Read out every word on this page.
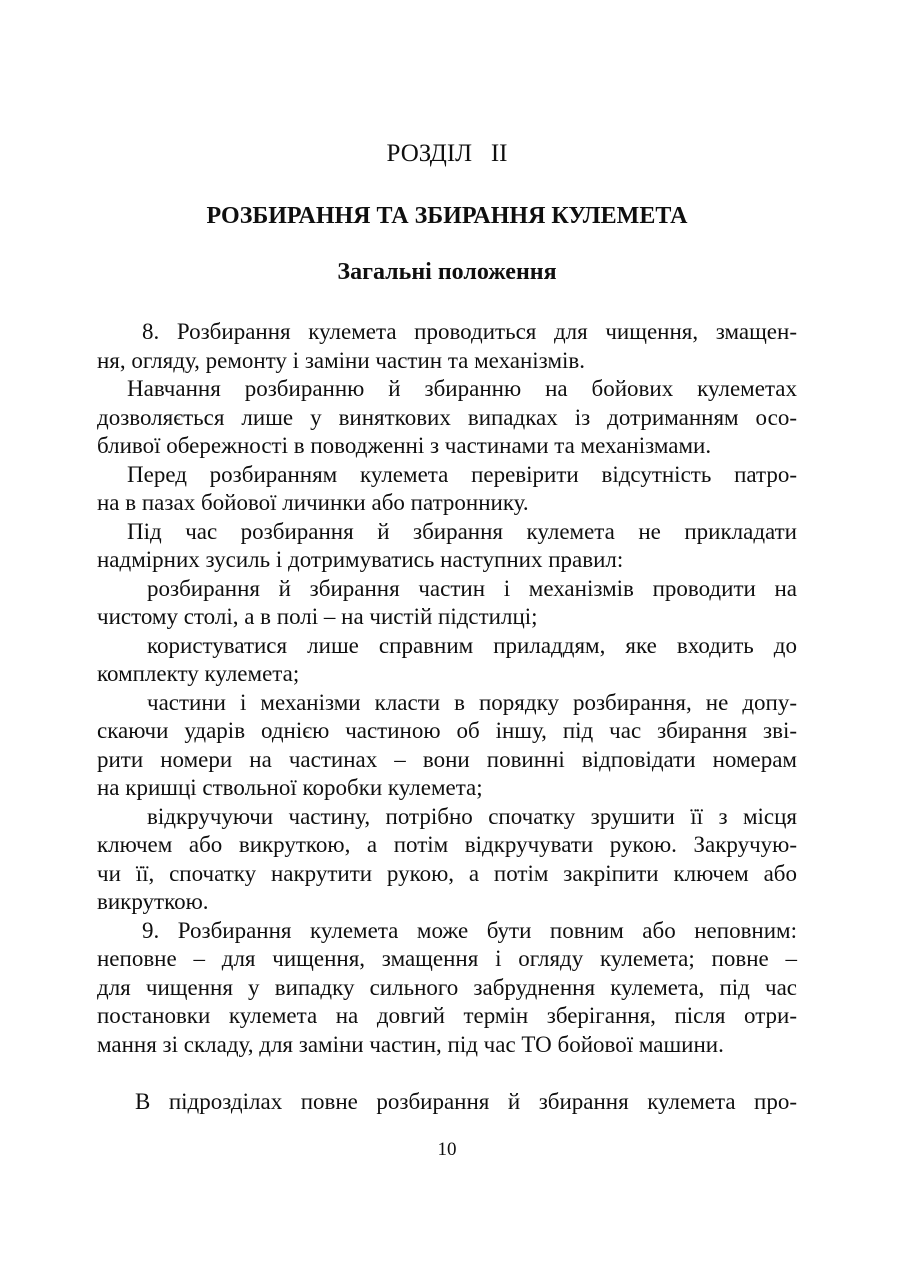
РОЗДІЛ   II
РОЗБИРАННЯ ТА ЗБИРАННЯ КУЛЕМЕТА
Загальні положення
8. Розбирання кулемета проводиться для чищення, змащен-
ня, огляду, ремонту і заміни частин та механізмів.
Навчання розбиранню й збиранню на бойових кулеметах
дозволяється лише у виняткових випадках із дотриманням осо-
бливої обережності в поводженні з частинами та механізмами.
Перед розбиранням кулемета перевірити відсутність патро-
на в пазах бойової личинки або патроннику.
Під час розбирання й збирання кулемета не прикладати
надмірних зусиль і дотримуватись наступних правил:
розбирання й збирання частин і механізмів проводити на
чистому столі, а в полі – на чистій підстилці;
користуватися лише справним приладдям, яке входить до
комплекту кулемета;
частини і механізми класти в порядку розбирання, не допу-
скаючи ударів однією частиною об іншу, під час збирання зві-
рити номери на частинах – вони повинні відповідати номерам
на кришці ствольної коробки кулемета;
відкручуючи частину, потрібно спочатку зрушити її з місця
ключем або викруткою, а потім відкручувати рукою. Закручую-
чи її, спочатку накрутити рукою, а потім закріпити ключем або
викруткою.
9. Розбирання кулемета може бути повним або неповним:
неповне – для чищення, змащення і огляду кулемета; повне –
для чищення у випадку сильного забруднення кулемета, під час
постановки кулемета на довгий термін зберігання, після отри-
мання зі складу, для заміни частин, під час ТО бойової машини.
В підрозділах повне розбирання й збирання кулемета про-
10
